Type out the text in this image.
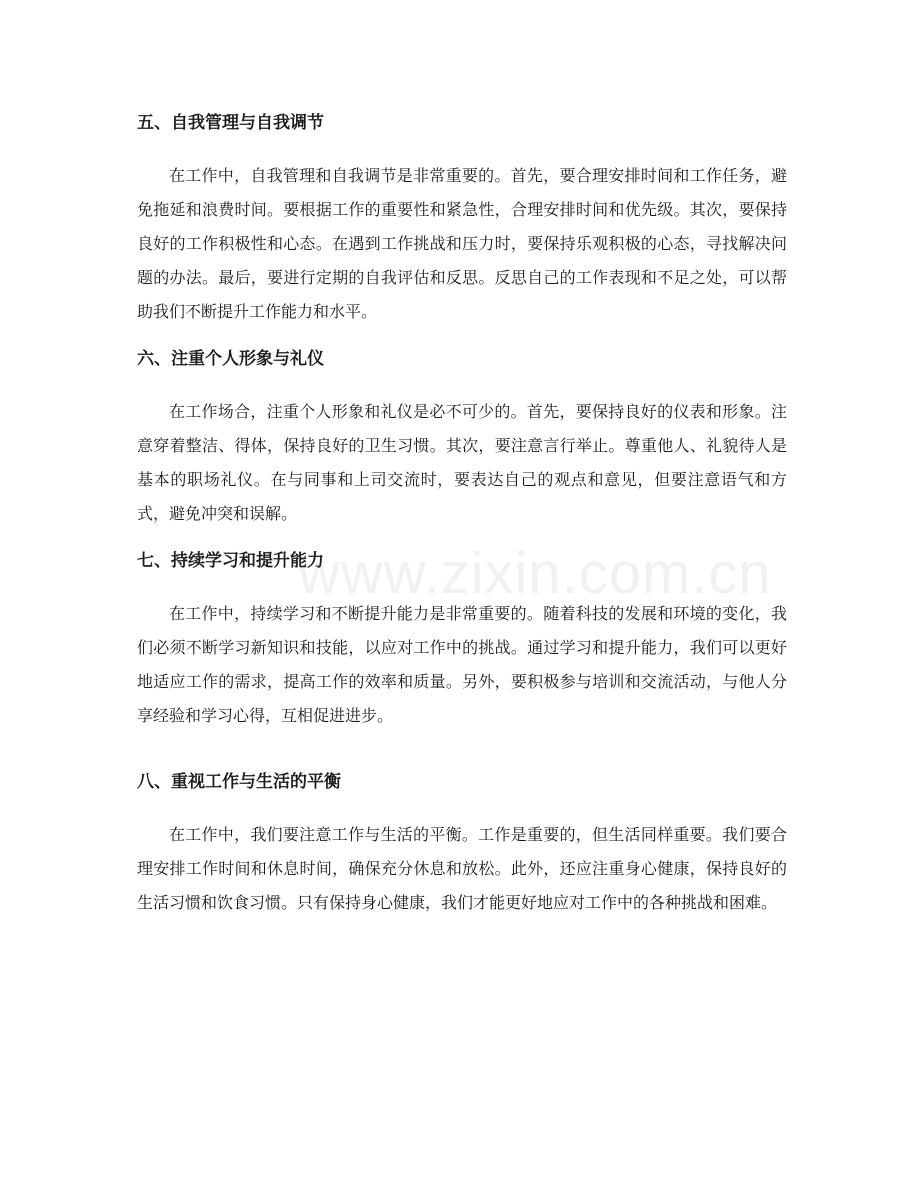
五、自我管理与自我调节

在工作中，自我管理和自我调节是非常重要的。首先，要合理安排时间和工作任务，避免拖延和浪费时间。要根据工作的重要性和紧急性，合理安排时间和优先级。其次，要保持良好的工作积极性和心态。在遇到工作挑战和压力时，要保持乐观积极的心态，寻找解决问题的办法。最后，要进行定期的自我评估和反思。反思自己的工作表现和不足之处，可以帮助我们不断提升工作能力和水平。

六、注重个人形象与礼仪

在工作场合，注重个人形象和礼仪是必不可少的。首先，要保持良好的仪表和形象。注意穿着整洁、得体，保持良好的卫生习惯。其次，要注意言行举止。尊重他人、礼貌待人是基本的职场礼仪。在与同事和上司交流时，要表达自己的观点和意见，但要注意语气和方式，避免冲突和误解。

七、持续学习和提升能力

在工作中，持续学习和不断提升能力是非常重要的。随着科技的发展和环境的变化，我们必须不断学习新知识和技能，以应对工作中的挑战。通过学习和提升能力，我们可以更好地适应工作的需求，提高工作的效率和质量。另外，要积极参与培训和交流活动，与他人分享经验和学习心得，互相促进进步。

八、重视工作与生活的平衡

在工作中，我们要注意工作与生活的平衡。工作是重要的，但生活同样重要。我们要合理安排工作时间和休息时间，确保充分休息和放松。此外，还应注重身心健康，保持良好的生活习惯和饮食习惯。只有保持身心健康，我们才能更好地应对工作中的各种挑战和困难。

www.zixin.com.cn
